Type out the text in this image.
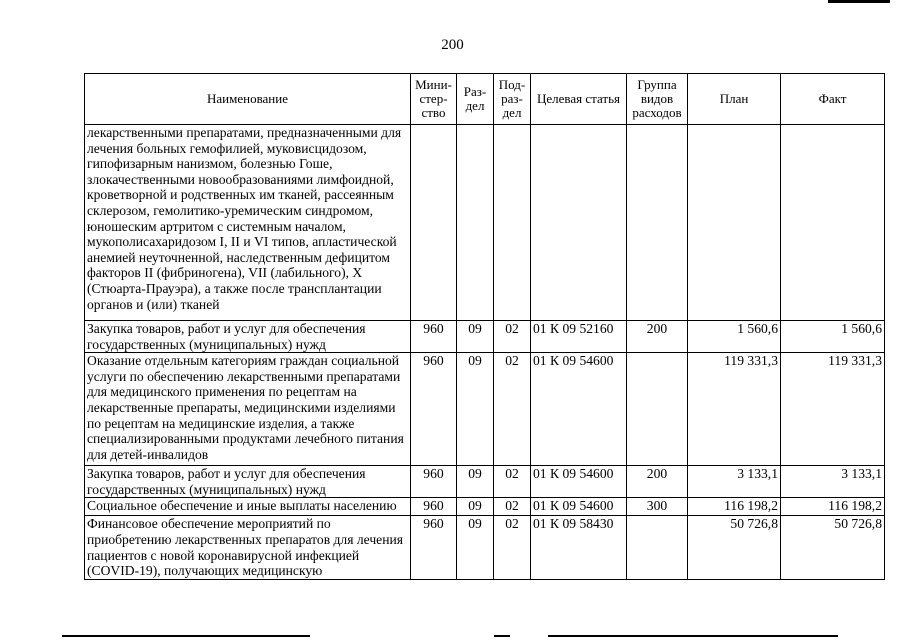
200
Наименование	Мини-стер-ство	Раз-дел	Под-раз-дел	Целевая статья	Группа видов расходов	План	Факт
лекарственными препаратами, предназначенными для лечения больных гемофилией, муковисцидозом, гипофизарным нанизмом, болезнью Гоше, злокачественными новообразованиями лимфоидной, кроветворной и родственных им тканей, рассеянным склерозом, гемолитико-уремическим синдромом, юношеским артритом с системным началом, мукополисахаридозом I, II и VI типов, апластической анемией неуточненной, наследственным дефицитом факторов II (фибриногена), VII (лабильного), X (Стюарта-Прауэра), а также после трансплантации органов и (или) тканей							
Закупка товаров, работ и услуг для обеспечения государственных (муниципальных) нужд	960	09	02	01 К 09 52160	200	1 560,6	1 560,6
Оказание отдельным категориям граждан социальной услуги по обеспечению лекарственными препаратами для медицинского применения по рецептам на лекарственные препараты, медицинскими изделиями по рецептам на медицинские изделия, а также специализированными продуктами лечебного питания для детей-инвалидов	960	09	02	01 К 09 54600		119 331,3	119 331,3
Закупка товаров, работ и услуг для обеспечения государственных (муниципальных) нужд	960	09	02	01 К 09 54600	200	3 133,1	3 133,1
Социальное обеспечение и иные выплаты населению	960	09	02	01 К 09 54600	300	116 198,2	116 198,2
Финансовое обеспечение мероприятий по приобретению лекарственных препаратов для лечения пациентов с новой коронавирусной инфекцией (COVID-19), получающих медицинскую	960	09	02	01 К 09 58430		50 726,8	50 726,8
